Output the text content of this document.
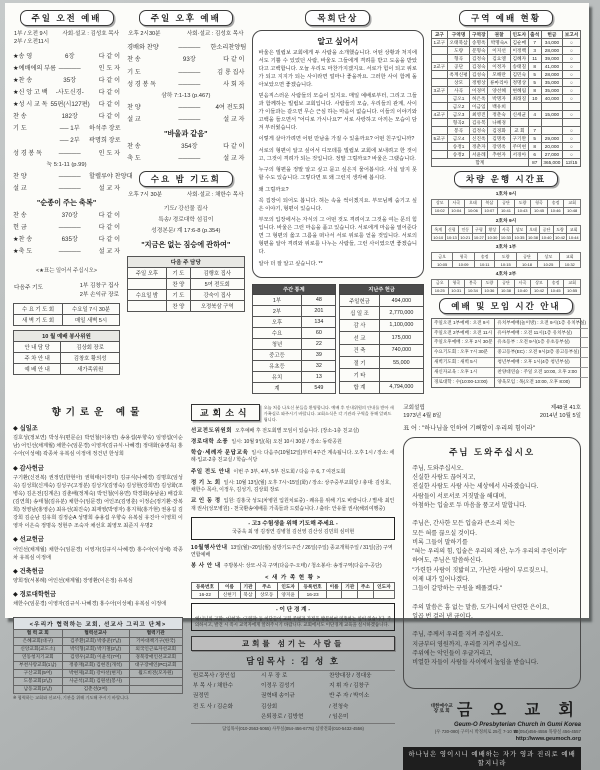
주일 오전 예배
1부 / 오전 9시
2부 / 오전11시
사회·설교 : 김성호 목사
★송 영	6장	다 같 이
★예배에의 부름 ─────	인 도 자
★찬 송	35장	다 같 이
★신 앙 고 백	-사도신경-	다 같 이
★성 시 교 독 55편(시127편)	다 같 이
찬 송	182장	다 같 이
기 도	── 1부	하석주 장로
── 2부	곽명희 장로
성 경 봉 독	─────	인 도 자
눅 5:1-11 (p.99)
찬 양	─────	할렐루야 찬양대
설 교	─────	설 교 자
"순종이 주는 축복"
찬 송	370장	다 같 이
헌 금	─────	다 같 이
★찬 송	635장	다 같 이
★축 도	─────	설 교 자
<★표는 일어서 주십시오>
다음주 기도	1부 김창구 집사
2부 손익규 장로
수 요 기 도 회	수요일 7시 30분
새 벽 기 도 회	매일 새벽 5시
10 월 예배 봉사위원
안 내 담 당	김상회 장로
주 차 안 내	김창호 황의성
예 배 안 내	새가족위원
주일 오후 예배
오후 2시30분	사회·설교 : 김성호 목사
경배와 찬양	─────	한소리찬양팀
찬 송	93장	다 같 이
기 도	─────	김 룡 집사
성 경 봉 독	─────	사 회 자
삼하 7:1-13 (p.467)
찬 양	─────	4여 전도회
설 교	─────	설 교 자
"바울과 같음"
찬 송	354장	다 같 이
축 도	─────	설 교 자
수요 밤 기도회
오후 7시 30분	사회·설교 : 채한수 목사
기도/ 강선물 집사
특송/ 경로대학 섬김이
성경본문/ 계 17:6-8 (p.354)
"지금은 없는 짐승에 관하여"
다음 주 담당
주일 오후	기 도	김행호 집사
	찬 양	5여 전도회
수요일 밤	기 도	강숙이 집사
	찬 양	오정북삼 구역
목회단상
알고 싶어서
바울은 빌립보 교회에게 두 사람을 소개했습니다. 어떤 상황과 처지에서도 기쁠 수 있었던 사람, 바울도 그들에게 격려를 받고 도움을 받았다고 고백합니다. 오늘 우리도 마찬가지겠지요. 서로가 힘이 되고 위로가 되고 지지가 되는 사이라면 얼마나 좋을까요. 그러한 사이 함께 돌아보았으면 좋겠습니다.
믿음직스러운 사람들의 모습이 있지요. 매일 예배로부터, 그리고 그들과 함께하는 빌립보 교회입니다. 사람들의 모습, 우리들의 관계, 사이가 이들과는 같으면 무슨 근심 하는 마음이 없습니다. 이들의 이야기와 고백을 들으면서 "어디로 가시나요?" 서로 사랑하고 아끼는 모습이 담겨 부러웠습니다.
이렇게 살아가려면 어떤 만남을 가질 수 있을까요? 어떤 친구입니까?
서로의 형편이 알고 싶어서 디모데를 빌립보 교회에 보내려고 한 것이고, 그것이 격려가 되는 것입니다. 정말 그럴까요? 바울은 그랬습니다.
누구의 형편을 정말 알고 싶고 묻고 싶은지 물어봅시다. 사실 알지 못할 수도 있습니다. 그렇다면 또 왜 그런지 생각해 봅시다.
왜 그럴까요?
꼭 집장이 되어도 봅니다. 혀는 속을 썩이겠지요. 부모님께 숨기고 싶은 이야기, 형편이 있습니다.
부모의 입장에서는 자식의 그 어떤 것도 격려이고 그것을 여는 문의 힘입니다. 바울은 그런 마음을 품고 있습니다. 서로에게 마음을 열어준다면 그 형편의 옳고 그름을 떠나서 서로 위로를 얻을 것입니다. 서로의 형편을 알아 격려와 위로를 나누는 사람들, 그런 사이였으면 좋겠습니다.
알아 더 잘 알고 싶습니다. **
주간 통계	
1부	48
2부	201
오후	134
수요	60
청년	22
중고등	39
유초등	32
유치	13
계	549
지난주 헌금	
주일헌금	494,000
십 일 조	2,770,000
감 사	1,100,000
선 교	175,000
건 축	740,000
절 기	55,000
기 타	
합 계	4,794,000
구역 예배 현황
교구	구역명	구역장	권찰	인도자	출석	헌금	보고서
1교구	오태북삼	송명옥	박명숙A	김순매	7	34,000	○
	도량	문형숙	이지선	이정백	3	28,000	○
	형곡	김정숙	김요엘	김혜자	11	39,000	○
2교구	공단	김경숙	이정자	송태칠	8	41,000	○
	옥계신평	김성숙	모해란	김민숙	5	28,000	○
	상모	정병상	류마리아	정명상	5	35,000	○
3교구	사곡	이경미	양선혜	현혜림	8	35,000	○
	금오1	허은옥	박명자	최래질	10	40,000	○
	금오2	이금임	백유희				
4교구	금오3	최영진	정춘숙	신세균	4	15,000	○
	형곡2	김유복	나혜경				
	봉곡	김정숙	김경화	교 회	7		○
5교구	금오4	신진옥	김명옥	구기완	5	29,000	○
	송정1	정춘자	장영옥	주미현	8	20,000	○
	송정2	서윤례	추현자	서경아	6	27,000	○
합계					87	365,000	12/15
차량 운행 시간표
1호차 9시
상모	사곡	오태	북삼	공단	도량	형곡	송정	교회
10:02	10:04	10:06	10:07	10:41	10:43	10:45	10:46	10:48
2호차 9시
옥계	신평	인동	구평	황상	사곡	상모	오태	공단	도량	교회
10:10	10:13	10:21	10:27	10:30	10:33	10:35	10:38	10:40	10:42	10:44
3호차 1부
금오	형곡	송정	도량	공단	상모	교회
10:05	10:09	10:11	10:15	10:18	10:25	10:32
4호차 2부
금오	형곡	봉곡	도량	공단	사곡	상모	송정	교회
10:25	10:31	10:34	10:36	10:38	10:40	10:42	10:45	10:55
예배 및 모임 시간 안내
주일오전 1부예배 : 오전 9시
주일오전 2부예배 : 오전 11시
주일오후예배 : 오후 2시 30분
수요기도회 : 오후 7시 30분
새벽기도회 : 새벽 5시
새신자교육 : 오후 1시
경로대학 : 수(10:00-13:00)
유치부예배(놀이방) : 오전 9시(1층 유치부실)
유아부예배 : 오전 11시(1층 유치부실)
유초등부 : 오전 9시(1층 유초등부실)
중고등부(EC) : 오전 9시(2층 중고등부실)
청년부예배 : 오후 1시(4층 청년부실)
찬양대연습 : 주일 오전 10:00, 오후 2:00
양육모임 : 목(오전 10:00, 오후 8:00)
향기로운 예물
◆ 십일조
김호성(정보연) 박성우(편문순) 박언철(이용면) 송용섭(두향숙) 임영섭(이순남) 어인선(채계월) 채한수(임문경) 이영자(김규식·나혜경) 정대화(송명옥) 홍수아(이성예) 곽종차 유복심 이정애 정건년 한성희
◆ 감사헌금
구기환(신전복) 권정민(한현아) 권혁태(이경미) 김규식(나혜경) 김명호(임성옥) 김성희(신계숙) 김성구(고정분) 김성기(김영숙) 김성현(강희면) 김성화(조병옥) 김온전(김계은) 김춘배(정계숙) 박언철(이용면) 박경화(송남윤) 배갑호(김연희) 송태철(김유분) 채한수(임문경) 어인조(김영훈) 이정순(정기환·장복희) 정영남(홍영순) 최유선(최진숙) 최재영(박영자) 홍지혁(홍가현) 권용길 김강희 김순남 김유희 김정순A 성명희 송용섭 우향숙 유복심 유진아 이영희 이영자 이은숙 정명옥 정현주 조숙자 채선호 최영모 최준지 우명2
◆ 선교헌금
어인선(채계월) 채한수(임문경) 이영자(김규식·나혜경) 홍수아(이성예) 곽종차 유복심 이정애
◆ 건축헌금
양희정(서봉례) 어인선(채계월) 장영환(이은정) 유복심
◆ 경로대학헌금
채한수(임문경) 이영자(김규식·나혜경) 홍수아(이성예) 유복심 이정애
<우리가 협력하는 교회, 선교사 그리고 단체>
협 력 교 회	협력선교사	협력기관
은혜교회(대구)	김주환(교회) 박종준(7남)	기아대책기구(한국)
신앙교회(교도소)	박덕형(교회) 박기철(2남)	외국인근로자선교회
연동청지기교회	김영우(교회) 이윤석(7여)	경북장애인선교교회
부천사랑교회(1남)	정중재(교회) 김현진(개척)	대구장애인(PC)교회
구산교회(5여)	박현제(교회) 강아선(현지)	월드비전(모자원)
도봉교회(2남)	사군석(교회) 김원선(봉사)	
남동교회(2남)	김춘선(2여)	
※ 협력하는 교회와 선교사, 기관을 위해 기도해 주시기 바랍니다.
교회소식
오늘 처음 나오신 분들을 환영합니다. 예배 후 안내위원의 안내를 받아 새가족실로 와주시기 바랍니다. 교회소식은 각 기관과 구역을 통해 알려드립니다.
선교전도위원회 오후예배 후 전도회별 모임이 있습니다. (장소-1층 친교실)
경로대학 소풍 일시: 10월 9일(목) 오전 10시 30분 / 장소: 동락공원
학습·세례자 문답교육 일시: 다음주(10월12일)부터 4주간 계속됩니다. 오후 1시 / 장소: 세례·입교-2층 친교실 / 학습-식당
주일 전도 안내 이번 주 3부, 4부, 5부 전도회 / 다음 주 6, 7 여전도회
정 기 노 회 일시: 10월 13일(월) 오후 7시~15일(화) / 장소: 상주중부교회당 / 총대: 김성호, 채한수 목사, 이정우, 김성기, 김상회 장로
교 인 동 정 입원: 김홍국 성도(차병원 입원치료중) - 쾌유를 위해 기도 바랍니다. / 별세: 최인재 권사(성모병원) - 천국환송예배를 가족들과 드렸습니다. / 출타: 안유물 권사(해외여행중)
- 고3 수험생을 위해 기도해 주세요 -
국중욱 최 영 김정연 김병철 김선영 김산성 김민희 심미현
10월행사안내 13일(월)~20일(월) 심방기도주간 / 26일(주일) 종교개혁주일 / 31일(금) 구역연합예배
봉 사 안 내 주방봉사: 상모·사곡 구역(다음주-오태) / 청소봉사: 송정구역(다음주-공단)
< 새 가 족 현 황 >
등록번호	이름	기관	주소	인도자	등록번호	이름	기관	주소	인도자
16-22	신현기	북삼	상모동	양지윤	16-23				
- 이 단 경 계 -
'하나님의 교회', '신천지', '구원파' 등 이단들이 교회 주변과 가정을 방문하여 미혹하는 일이 있습니다. 주의하시고, 발견 시 즉시 교역자에게 알려주시기 바랍니다. 교회에서도 이단경계 교육을 실시하겠습니다.
교회를 섬기는 사람들
담임목사 : 김 성 호
원로목사 / 장인섭	시 무 장 로	찬양대장 / 정대웅
부 목 사 / 채한수	이정우 김성기	지 휘 자 / 김창구
권정민	권혁태 송이규	반 주 자 / 박이소
전 도 사 / 김순화	김상회	/ 전청숙
	은퇴장로 / 김방현	/ 임은미
담임목사(010-2563-5065) 사무실(054-456-6775) 심방전화(010-5432-4556)
교회설립
1973년 4월 8일
제48권 41호
2014년 10월 5일
표 어 : "하나님을 인하여 기뻐함이 우리의 힘이라"
주님 도와주십시오
주님, 도와주십시오.
신실한 사람도 끊어지고,
진실한 사람도 사람 사는 세상에서 사라졌습니다.
사람들이 서로서로 거짓말을 해대며,
아첨하는 입술로 두 마음을 품고서 말합니다.
주님은, 간사한 모든 입술과 큰소리 치는
모든 혀를 끊으실 것이다.
비록 그들이 말하기를
"혀는 우리의 힘, 입술은 우리의 재산, 누가 우리의 주인이랴"
하여도, 주님은 말씀하신다.
"가련한 사람이 짓밟히고, 가난한 사람이 부르짖으니,
이제 내가 일어나겠다.
그들이 갈망하는 구원을 베풀겠다."
주의 말씀은 흠 없는 말씀, 도가니에서 단련한 은이요,
일곱 번 걸러 낸 금이다.
주님, 주께서 우리를 지켜 주십시오.
지금부터 영원까지, 우리를 지켜 주십시오.
주위에는 악인들이 우글거리고,
비열한 자들이 사람들 사이에서 높임을 받습니다.
대한예수교
장 로 회 금 오 교 회
Geum-O Presbyterian Church in Gumi Korea
(우 730-080) 구미시 박정희로 25길 7-10 ☎(054)456-4556 목양실 456-4557
http://www.geumoch.org
하나님은 영이시니 예배하는 자가 영과 진리로 예배 할지니라
